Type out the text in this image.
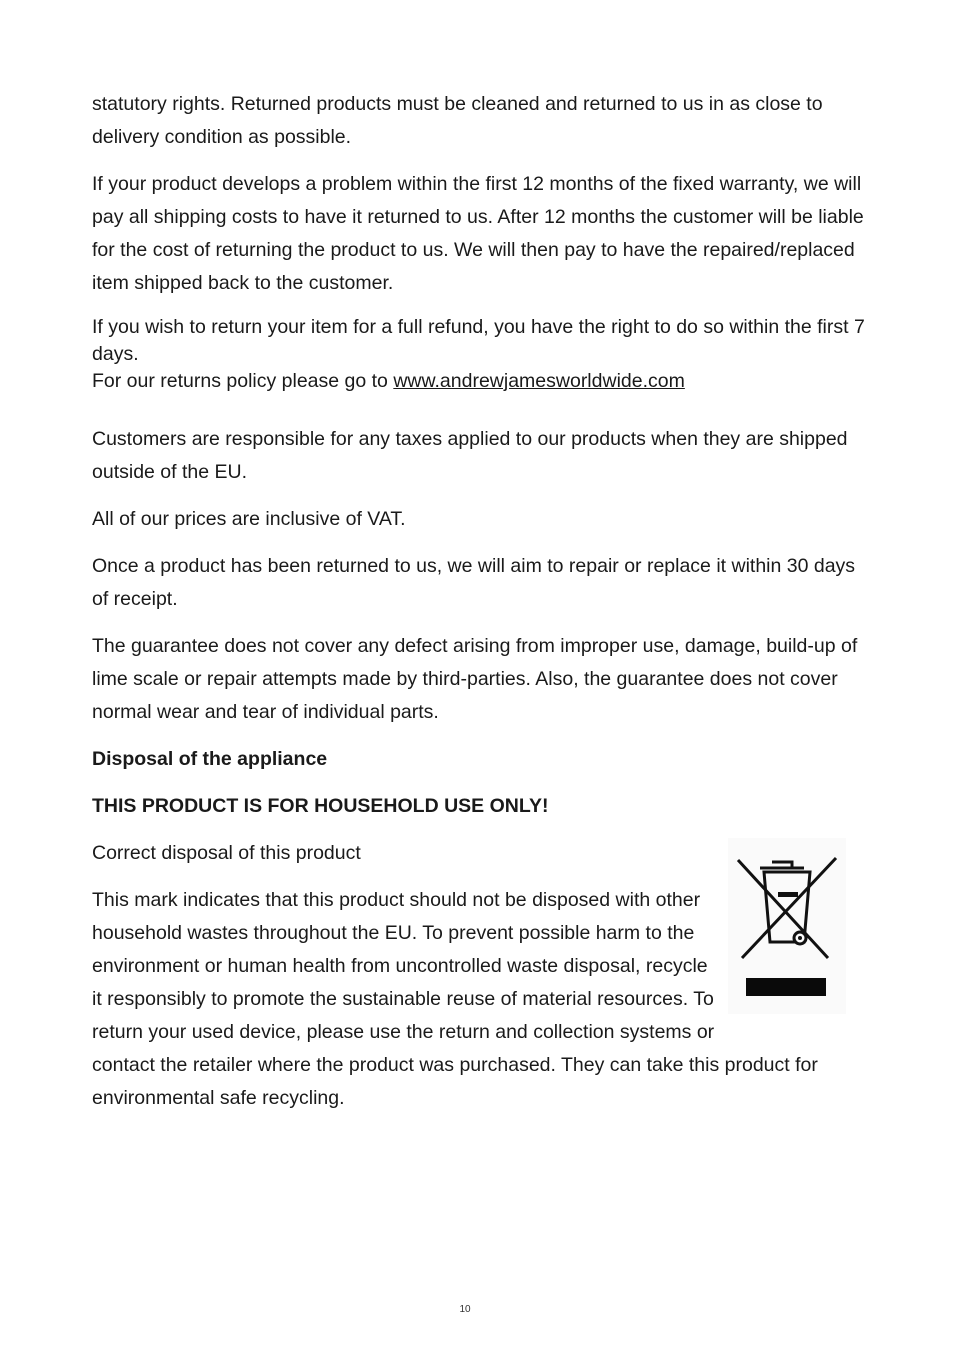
statutory rights. Returned products must be cleaned and returned to us in as close to delivery condition as possible.

If your product develops a problem within the first 12 months of the fixed warranty, we will pay all shipping costs to have it returned to us. After 12 months the customer will be liable for the cost of returning the product to us. We will then pay to have the repaired/replaced item shipped back to the customer.

If you wish to return your item for a full refund, you have the right to do so within the first 7 days.

For our returns policy please go to www.andrewjamesworldwide.com

Customers are responsible for any taxes applied to our products when they are shipped outside of the EU.

All of our prices are inclusive of VAT.

Once a product has been returned to us, we will aim to repair or replace it within 30 days of receipt.

The guarantee does not cover any defect arising from improper use, damage, build-up of lime scale or repair attempts made by third-parties. Also, the guarantee does not cover normal wear and tear of individual parts.

Disposal of the appliance

THIS PRODUCT IS FOR HOUSEHOLD USE ONLY!

Correct disposal of this product

This mark indicates that this product should not be disposed with other household wastes throughout the EU. To prevent possible harm to the environment or human health from uncontrolled waste disposal, recycle it responsibly to promote the sustainable reuse of material resources. To return your used device, please use the return and collection systems or contact the retailer where the product was purchased. They can take this product for environmental safe recycling.

10
